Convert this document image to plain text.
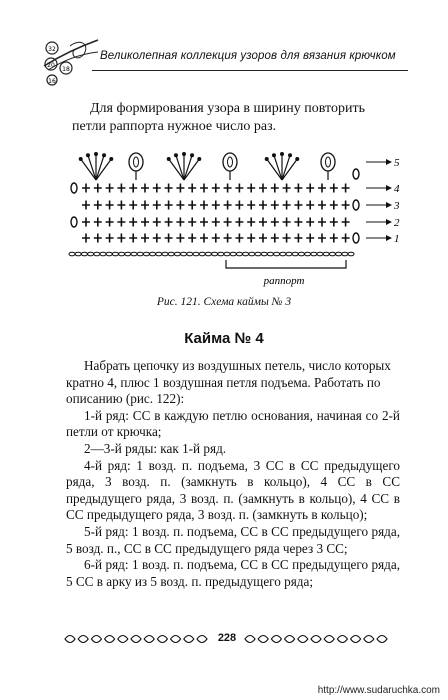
32
20
18
16
Великолепная коллекция узоров для вязания крючком
Для формирования узора в ширину повторить
петли раппорта нужное число раз.
5
4
3
2
1
раппорт
Рис. 121. Схема каймы № 3
Кайма № 4

Набрать цепочку из воздушных петель, число которых кратно 4, плюс 1 воздушная петля подъема. Работать по описанию (рис. 122):

1-й ряд: СС в каждую петлю основания, начиная со 2-й петли от крючка;

2—3-й ряды: как 1-й ряд.

4-й ряд: 1 возд. п. подъема, 3 СС в СС предыдущего ряда, 3 возд. п. (замкнуть в кольцо), 4 СС в СС предыдущего ряда, 3 возд. п. (замкнуть в кольцо), 4 СС в СС предыдущего ряда, 3 возд. п. (замкнуть в кольцо);

5-й ряд: 1 возд. п. подъема, СС в СС предыдущего ряда, 5 возд. п., СС в СС предыдущего ряда через 3 СС;

6-й ряд: 1 возд. п. подъема, СС в СС предыдущего ряда, 5 СС в арку из 5 возд. п. предыдущего ряда;

228
http://www.sudaruchka.com
